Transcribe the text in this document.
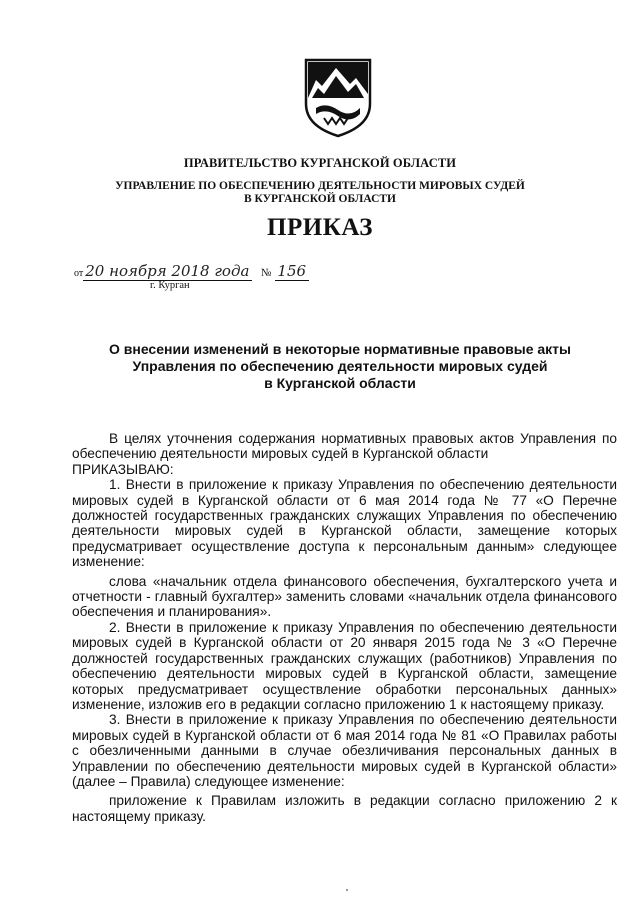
ПРАВИТЕЛЬСТВО КУРГАНСКОЙ ОБЛАСТИ
УПРАВЛЕНИЕ ПО ОБЕСПЕЧЕНИЮ ДЕЯТЕЛЬНОСТИ МИРОВЫХ СУДЕЙ
В КУРГАНСКОЙ ОБЛАСТИ
ПРИКАЗ
от 20 ноября 2018 года № 156
г. Курган
О внесении изменений в некоторые нормативные правовые акты
Управления по обеспечению деятельности мировых судей
в Курганской области

В целях уточнения содержания нормативных правовых актов Управления по обеспечению деятельности мировых судей в Курганской области

ПРИКАЗЫВАЮ:

1. Внести в приложение к приказу Управления по обеспечению деятельности мировых судей в Курганской области от 6 мая 2014 года № 77 «О Перечне должностей государственных гражданских служащих Управления по обеспечению деятельности мировых судей в Курганской области, замещение которых предусматривает осуществление доступа к персональным данным» следующее изменение:

слова «начальник отдела финансового обеспечения, бухгалтерского учета и отчетности - главный бухгалтер» заменить словами «начальник отдела финансового обеспечения и планирования».

2. Внести в приложение к приказу Управления по обеспечению деятельности мировых судей в Курганской области от 20 января 2015 года № 3 «О Перечне должностей государственных гражданских служащих (работников) Управления по обеспечению деятельности мировых судей в Курганской области, замещение которых предусматривает осуществление обработки персональных данных» изменение, изложив его в редакции согласно приложению 1 к настоящему приказу.

3. Внести в приложение к приказу Управления по обеспечению деятельности мировых судей в Курганской области от 6 мая 2014 года № 81 «О Правилах работы с обезличенными данными в случае обезличивания персональных данных в Управлении по обеспечению деятельности мировых судей в Курганской области» (далее – Правила) следующее изменение:

приложение к Правилам изложить в редакции согласно приложению 2 к настоящему приказу.
